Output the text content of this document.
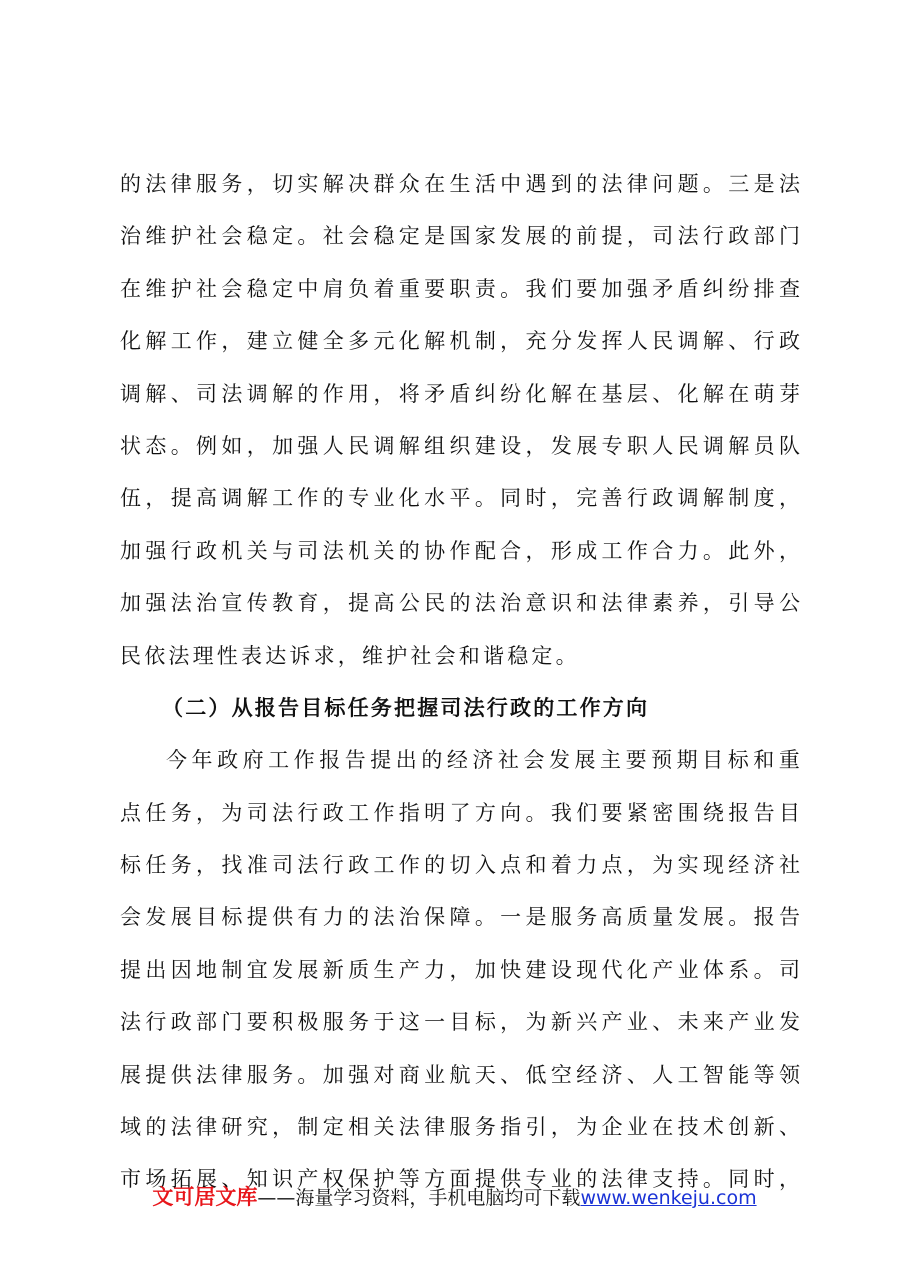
的 法 律 服 务 ， 切 实 解 决 群 众 在 生 活 中 遇 到 的 法 律 问 题 。 三 是 法
治 维 护 社 会 稳 定 。 社 会 稳 定 是 国 家 发 展 的 前 提 ， 司 法 行 政 部 门
在 维 护 社 会 稳 定 中 肩 负 着 重 要 职 责 。 我 们 要 加 强 矛 盾 纠 纷 排 查
化 解 工 作 ， 建 立 健 全 多 元 化 解 机 制 ， 充 分 发 挥 人 民 调 解 、 行 政
调 解 、 司 法 调 解 的 作 用 ， 将 矛 盾 纠 纷 化 解 在 基 层 、 化 解 在 萌 芽
状 态 。 例 如 ， 加 强 人 民 调 解 组 织 建 设 ， 发 展 专 职 人 民 调 解 员 队
伍 ， 提 高 调 解 工 作 的 专 业 化 水 平 。 同 时 ， 完 善 行 政 调 解 制 度 ，
加 强 行 政 机 关 与 司 法 机 关 的 协 作 配 合 ， 形 成 工 作 合 力 。 此 外 ，
加 强 法 治 宣 传 教 育 ， 提 高 公 民 的 法 治 意 识 和 法 律 素 养 ， 引 导 公
民依法理性表达诉求，维护社会和谐稳定。
（二）从报告目标任务把握司法行政的工作方向
今 年 政 府 工 作 报 告 提 出 的 经 济 社 会 发 展 主 要 预 期 目 标 和 重
点 任 务 ， 为 司 法 行 政 工 作 指 明 了 方 向 。 我 们 要 紧 密 围 绕 报 告 目
标 任 务 ， 找 准 司 法 行 政 工 作 的 切 入 点 和 着 力 点 ， 为 实 现 经 济 社
会 发 展 目 标 提 供 有 力 的 法 治 保 障 。 一 是 服 务 高 质 量 发 展 。 报 告
提 出 因 地 制 宜 发 展 新 质 生 产 力 ， 加 快 建 设 现 代 化 产 业 体 系 。 司
法 行 政 部 门 要 积 极 服 务 于 这 一 目 标 ， 为 新 兴 产 业 、 未 来 产 业 发
展 提 供 法 律 服 务 。 加 强 对 商 业 航 天 、 低 空 经 济 、 人 工 智 能 等 领
域 的 法 律 研 究 ， 制 定 相 关 法 律 服 务 指 引 ， 为 企 业 在 技 术 创 新 、
市 场 拓 展 、 知 识 产 权 保 护 等 方 面 提 供 专 业 的 法 律 支 持 。 同 时 ，
文可居文库——海量学习资料，手机电脑均可下载www.wenkeju.com
